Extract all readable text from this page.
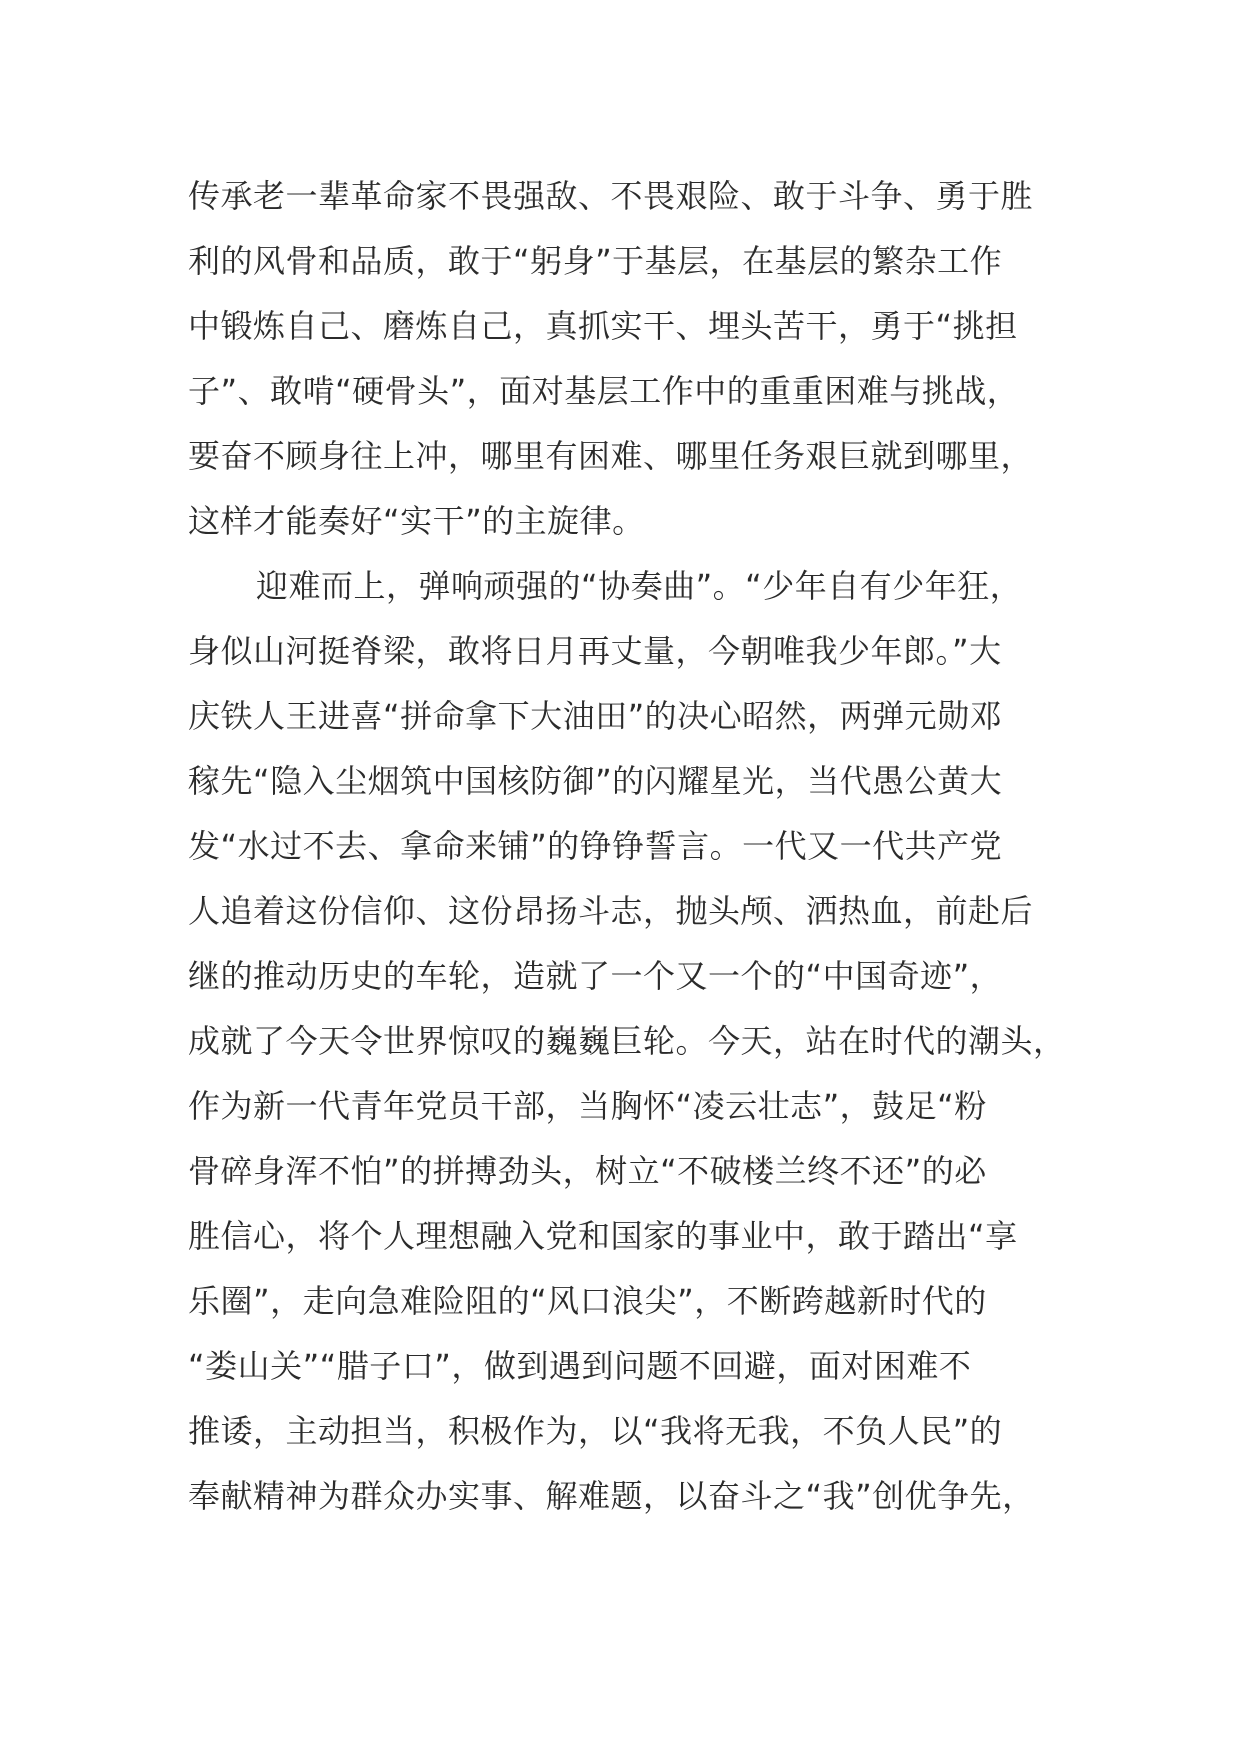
传承老一辈革命家不畏强敌、不畏艰险、敢于斗争、勇于胜
利的风骨和品质，敢于“躬身”于基层，在基层的繁杂工作
中锻炼自己、磨炼自己，真抓实干、埋头苦干，勇于“挑担
子”、敢啃“硬骨头”，面对基层工作中的重重困难与挑战，
要奋不顾身往上冲，哪里有困难、哪里任务艰巨就到哪里，
这样才能奏好“实干”的主旋律。
迎难而上，弹响顽强的“协奏曲”。“少年自有少年狂，
身似山河挺脊梁，敢将日月再丈量，今朝唯我少年郎。”大
庆铁人王进喜“拼命拿下大油田”的决心昭然，两弹元勋邓
稼先“隐入尘烟筑中国核防御”的闪耀星光，当代愚公黄大
发“水过不去、拿命来铺”的铮铮誓言。一代又一代共产党
人追着这份信仰、这份昂扬斗志，抛头颅、洒热血，前赴后
继的推动历史的车轮，造就了一个又一个的“中国奇迹”，
成就了今天令世界惊叹的巍巍巨轮。今天，站在时代的潮头，
作为新一代青年党员干部，当胸怀“凌云壮志”，鼓足“粉
骨碎身浑不怕”的拼搏劲头，树立“不破楼兰终不还”的必
胜信心，将个人理想融入党和国家的事业中，敢于踏出“享
乐圈”，走向急难险阻的“风口浪尖”，不断跨越新时代的
“娄山关”“腊子口”，做到遇到问题不回避，面对困难不
推诿，主动担当，积极作为，以“我将无我，不负人民”的
奉献精神为群众办实事、解难题，以奋斗之“我”创优争先，
